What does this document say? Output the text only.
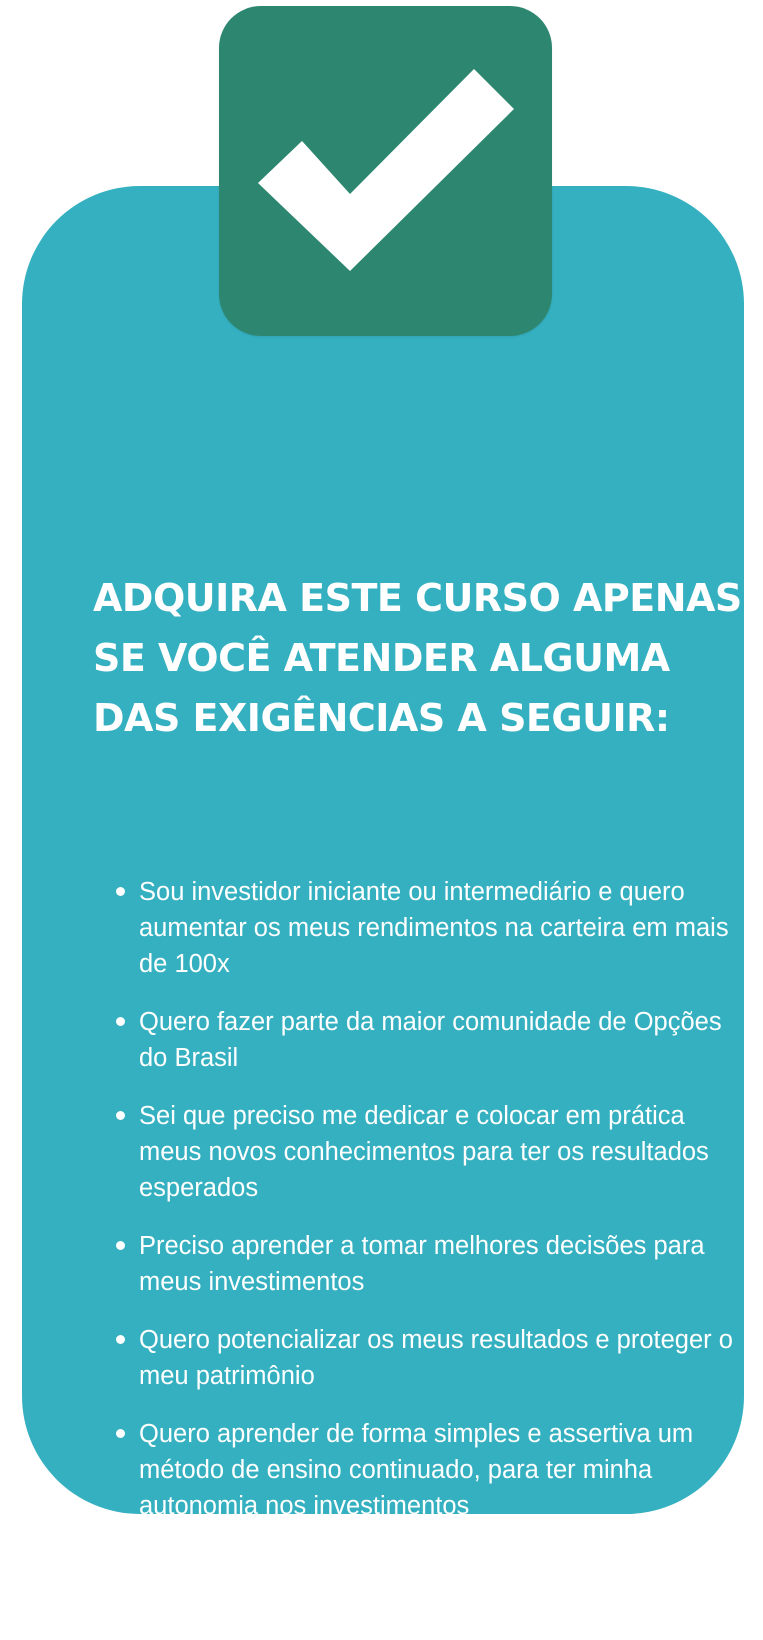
ADQUIRA ESTE CURSO APENAS SE VOCÊ ATENDER ALGUMA DAS EXIGÊNCIAS A SEGUIR:
Sou investidor iniciante ou intermediário e quero aumentar os meus rendimentos na carteira em mais de 100x
Quero fazer parte da maior comunidade de Opções do Brasil
Sei que preciso me dedicar e colocar em prática meus novos conhecimentos para ter os resultados esperados
Preciso aprender a tomar melhores decisões para meus investimentos
Quero potencializar os meus resultados e proteger o meu patrimônio
Quero aprender de forma simples e assertiva um método de ensino continuado, para ter minha autonomia nos investimentos
Tenho 30 minutos por dia para me dedicar a minha carteira
